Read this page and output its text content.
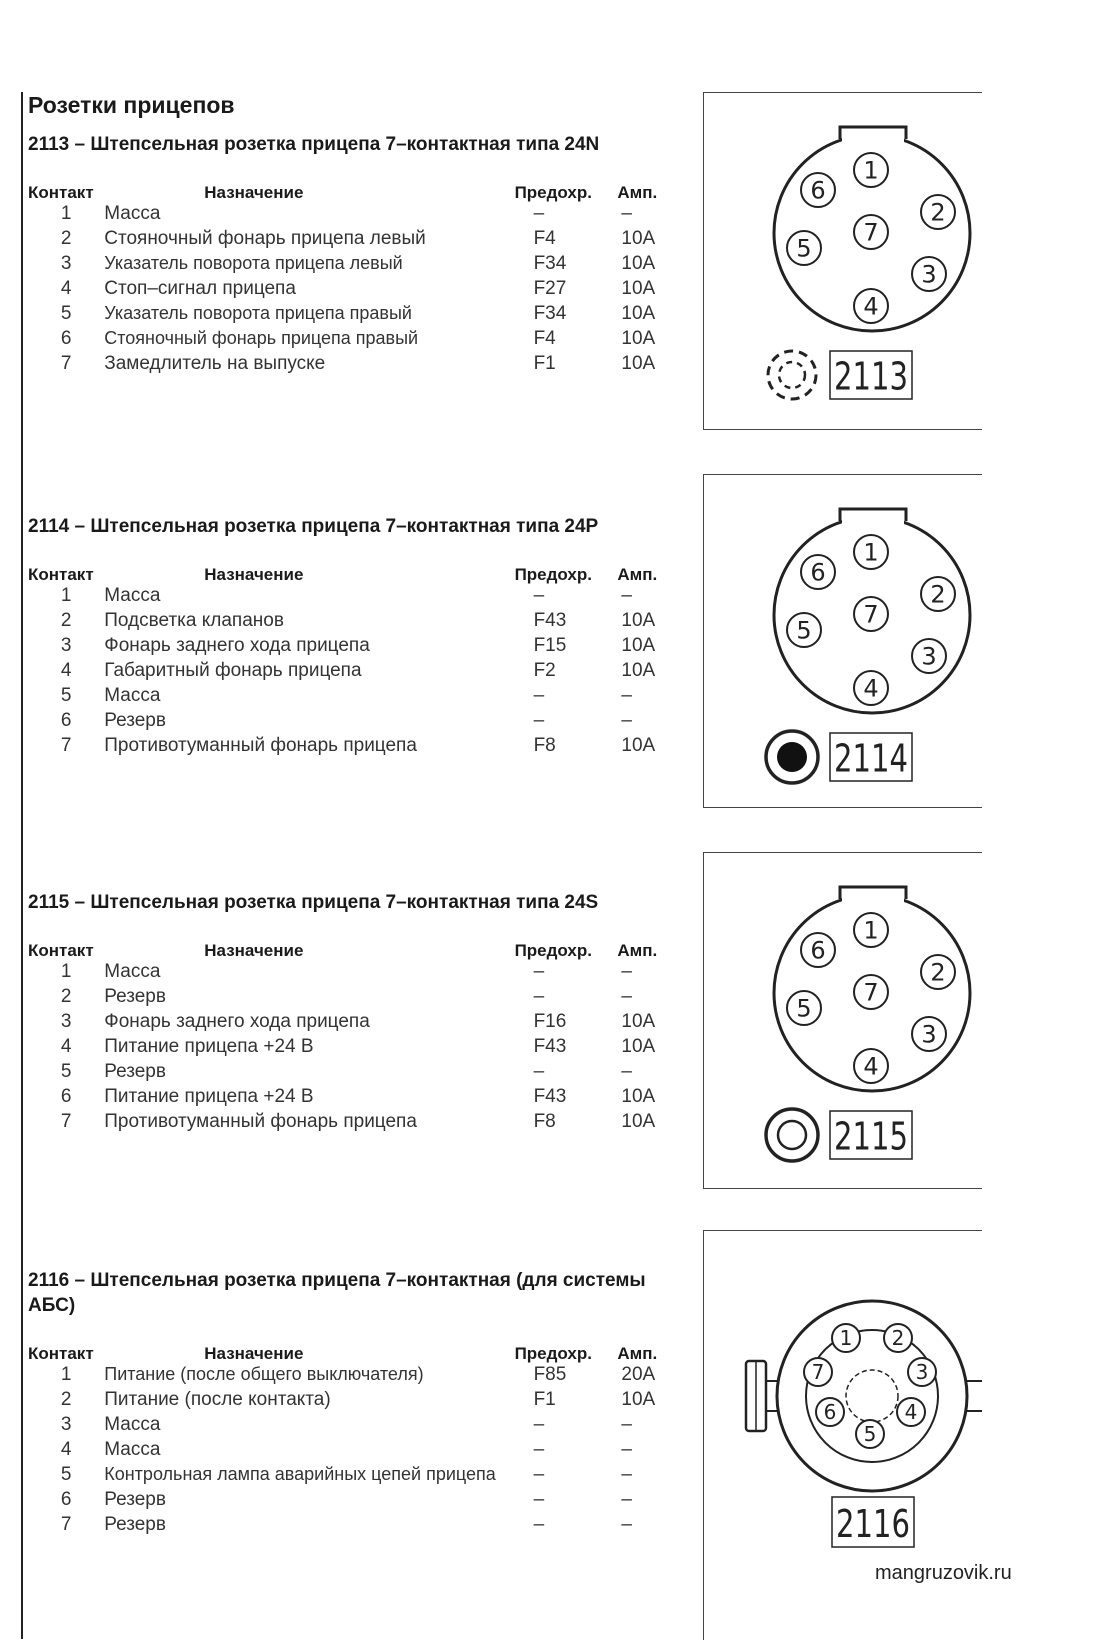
Розетки прицепов

2113 – Штепсельная розетка прицепа 7–контактная типа 24N

Контакт	Назначение	Предохр.	Амп.
1	Масса	–	–
2	Стояночный фонарь прицепа левый	F4	10A
3	Указатель поворота прицепа левый	F34	10A
4	Стоп–сигнал прицепа	F27	10A
5	Указатель поворота прицепа правый	F34	10A
6	Стояночный фонарь прицепа правый	F4	10A
7	Замедлитель на выпуске	F1	10A

2114 – Штепсельная розетка прицепа 7–контактная типа 24P

Контакт	Назначение	Предохр.	Амп.
1	Масса	–	–
2	Подсветка клапанов	F43	10A
3	Фонарь заднего хода прицепа	F15	10A
4	Габаритный фонарь прицепа	F2	10A
5	Масса	–	–
6	Резерв	–	–
7	Противотуманный фонарь прицепа	F8	10A

2115 – Штепсельная розетка прицепа 7–контактная типа 24S

Контакт	Назначение	Предохр.	Амп.
1	Масса	–	–
2	Резерв	–	–
3	Фонарь заднего хода прицепа	F16	10A
4	Питание прицепа +24 В	F43	10A
5	Резерв	–	–
6	Питание прицепа +24 В	F43	10A
7	Противотуманный фонарь прицепа	F8	10A

2116 – Штепсельная розетка прицепа 7–контактная (для системы АБС)

Контакт	Назначение	Предохр.	Амп.
1	Питание (после общего выключателя)	F85	20A
2	Питание (после контакта)	F1	10A
3	Масса	–	–
4	Масса	–	–
5	Контрольная лампа аварийных цепей прицепа	–	–
6	Резерв	–	–
7	Резерв	–	–
1
2
3
4
5
6
7
2113
1
2
3
4
5
6
7
2114
1
2
3
4
5
6
7
2115
1 2
3
4
5
6
7
2116
mangruzovik.ru
